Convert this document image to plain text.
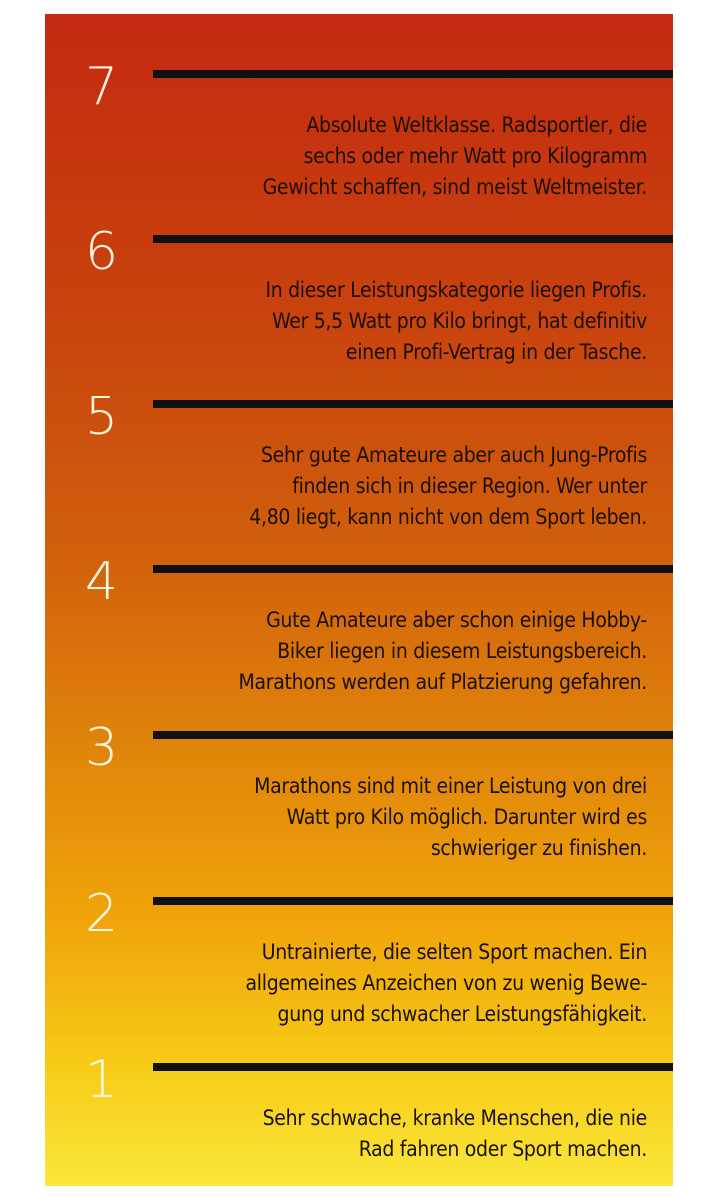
7
Absolute Weltklasse. Radsportler, die
sechs oder mehr Watt pro Kilogramm
Gewicht schaffen, sind meist Weltmeister.
6
In dieser Leistungskategorie liegen Profis.
Wer 5,5 Watt pro Kilo bringt, hat definitiv
einen Profi-Vertrag in der Tasche.
5
Sehr gute Amateure aber auch Jung-Profis
finden sich in dieser Region. Wer unter
4,80 liegt, kann nicht von dem Sport leben.
4
Gute Amateure aber schon einige Hobby-
Biker liegen in diesem Leistungsbereich.
Marathons werden auf Platzierung gefahren.
3
Marathons sind mit einer Leistung von drei
Watt pro Kilo möglich. Darunter wird es
schwieriger zu finishen.
2
Untrainierte, die selten Sport machen. Ein
allgemeines Anzeichen von zu wenig Bewe-
gung und schwacher Leistungsfähigkeit.
1
Sehr schwache, kranke Menschen, die nie
Rad fahren oder Sport machen.
